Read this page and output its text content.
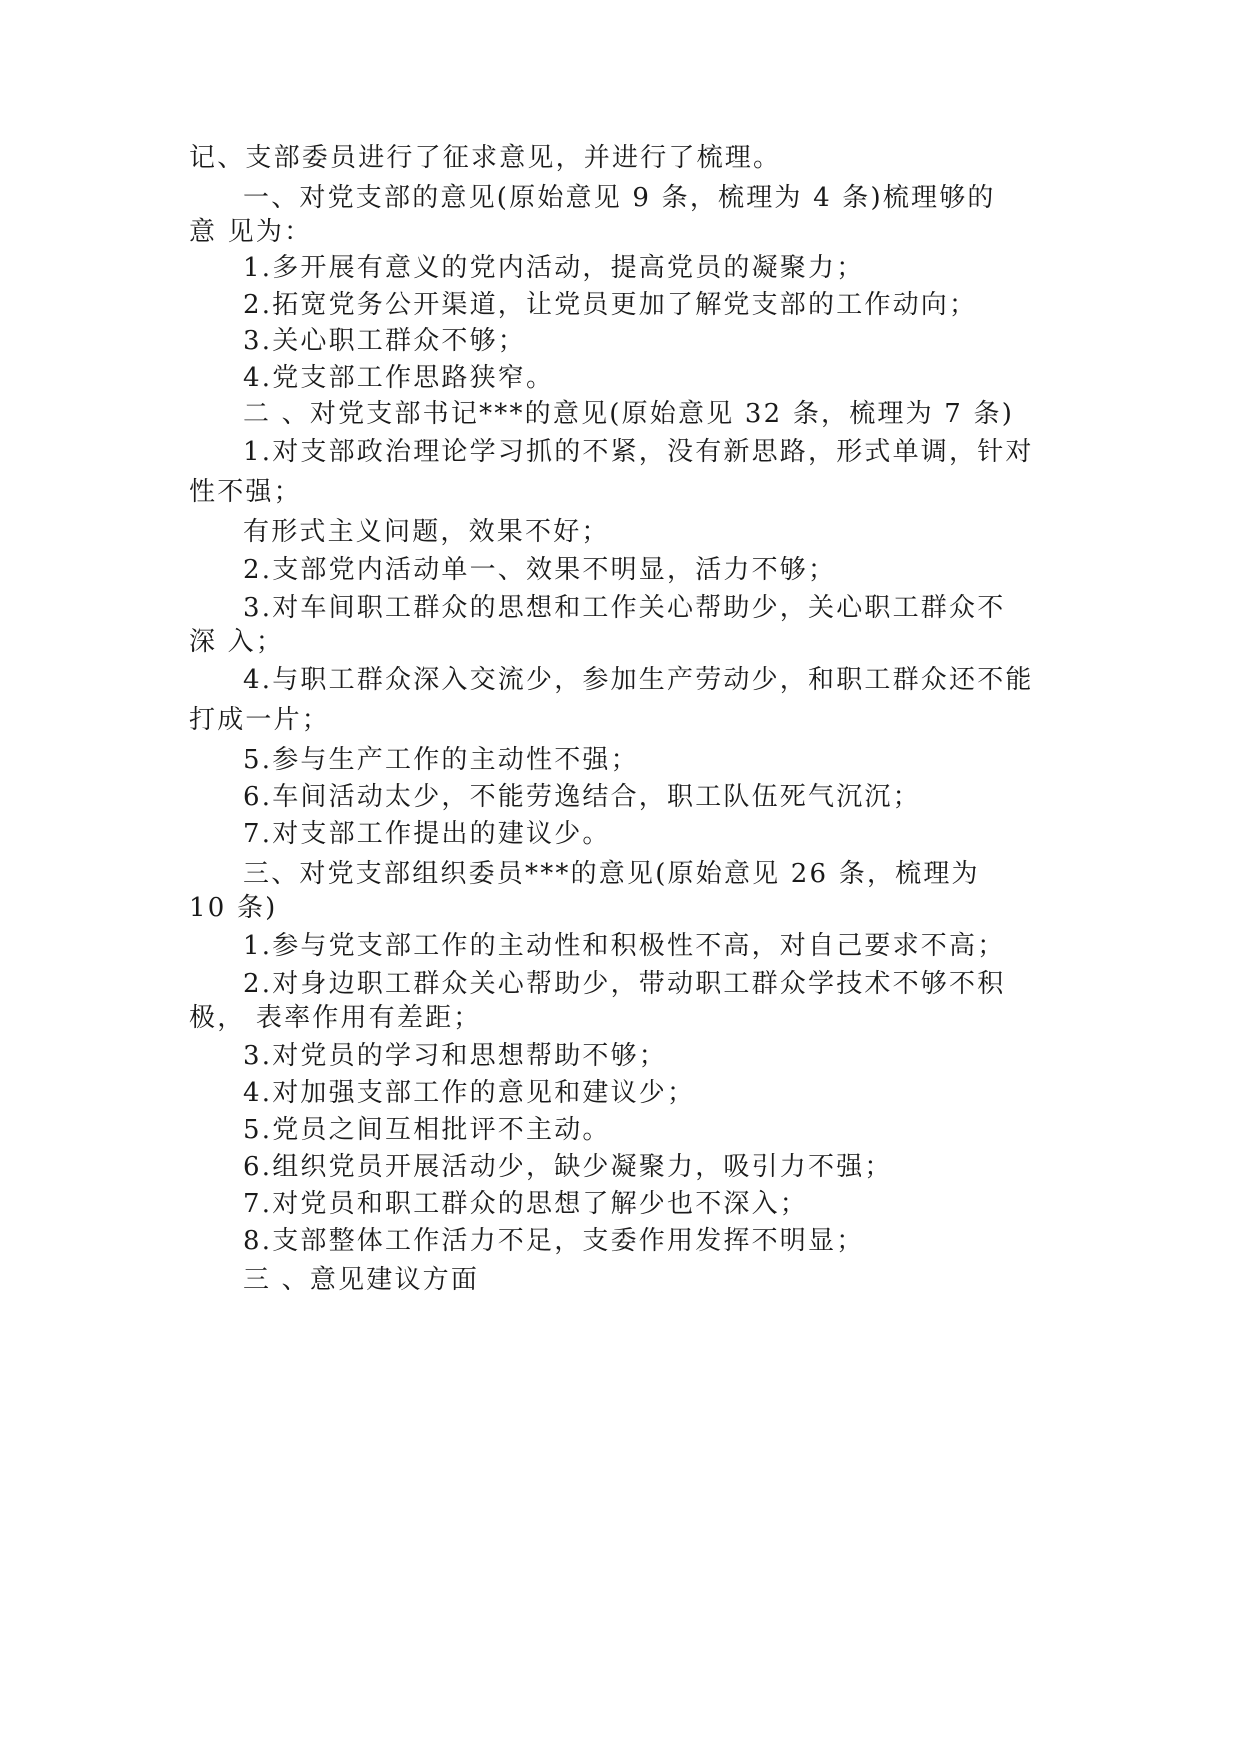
记、支部委员进行了征求意见，并进行了梳理。
一、对党支部的意见(原始意见 9 条，梳理为 4 条)梳理够的
意 见为：
1.多开展有意义的党内活动，提高党员的凝聚力；
2.拓宽党务公开渠道，让党员更加了解党支部的工作动向；
3.关心职工群众不够；
4.党支部工作思路狭窄。
二 、对党支部书记***的意见(原始意见 32 条，梳理为 7 条)
1.对支部政治理论学习抓的不紧，没有新思路，形式单调，针对
性不强；
有形式主义问题，效果不好；
2.支部党内活动单一、效果不明显，活力不够；
3.对车间职工群众的思想和工作关心帮助少，关心职工群众不
深 入；
4.与职工群众深入交流少，参加生产劳动少，和职工群众还不能
打成一片；
5.参与生产工作的主动性不强；
6.车间活动太少，不能劳逸结合，职工队伍死气沉沉；
7.对支部工作提出的建议少。
三、对党支部组织委员***的意见(原始意见 26 条，梳理为
10 条)
1.参与党支部工作的主动性和积极性不高，对自己要求不高；
2.对身边职工群众关心帮助少，带动职工群众学技术不够不积
极， 表率作用有差距；
3.对党员的学习和思想帮助不够；
4.对加强支部工作的意见和建议少；
5.党员之间互相批评不主动。
6.组织党员开展活动少，缺少凝聚力，吸引力不强；
7.对党员和职工群众的思想了解少也不深入；
8.支部整体工作活力不足，支委作用发挥不明显；
三 、意见建议方面
